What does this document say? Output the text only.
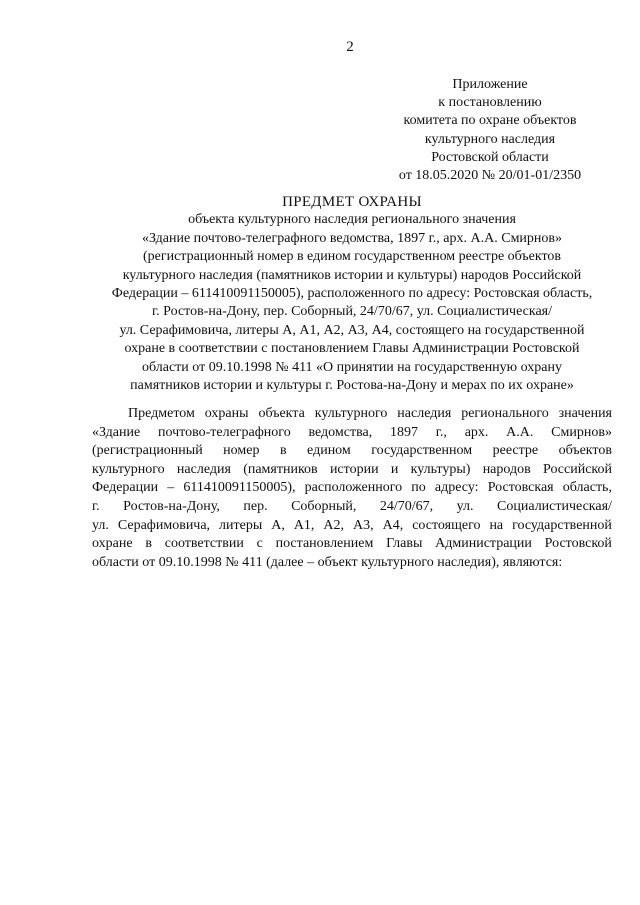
2
Приложение
к постановлению
комитета по охране объектов
культурного наследия
Ростовской области
от 18.05.2020 № 20/01-01/2350
ПРЕДМЕТ ОХРАНЫ
объекта культурного наследия регионального значения
«Здание почтово-телеграфного ведомства, 1897 г., арх. А.А. Смирнов»
(регистрационный номер в едином государственном реестре объектов
культурного наследия (памятников истории и культуры) народов Российской
Федерации – 611410091150005), расположенного по адресу: Ростовская область,
г. Ростов-на-Дону, пер. Соборный, 24/70/67, ул. Социалистическая/
ул. Серафимовича, литеры А, А1, А2, А3, А4, состоящего на государственной
охране в соответствии с постановлением Главы Администрации Ростовской
области от 09.10.1998 № 411 «О принятии на государственную охрану
памятников истории и культуры г. Ростова-на-Дону и мерах по их охране»
Предметом охраны объекта культурного наследия регионального значения
«Здание почтово-телеграфного ведомства, 1897 г., арх. А.А. Смирнов»
(регистрационный номер в едином государственном реестре объектов
культурного наследия (памятников истории и культуры) народов Российской
Федерации – 611410091150005), расположенного по адресу: Ростовская область,
г. Ростов-на-Дону, пер. Соборный, 24/70/67, ул. Социалистическая/
ул. Серафимовича, литеры А, А1, А2, А3, А4, состоящего на государственной
охране в соответствии с постановлением Главы Администрации Ростовской
области от 09.10.1998 № 411 (далее – объект культурного наследия), являются:
